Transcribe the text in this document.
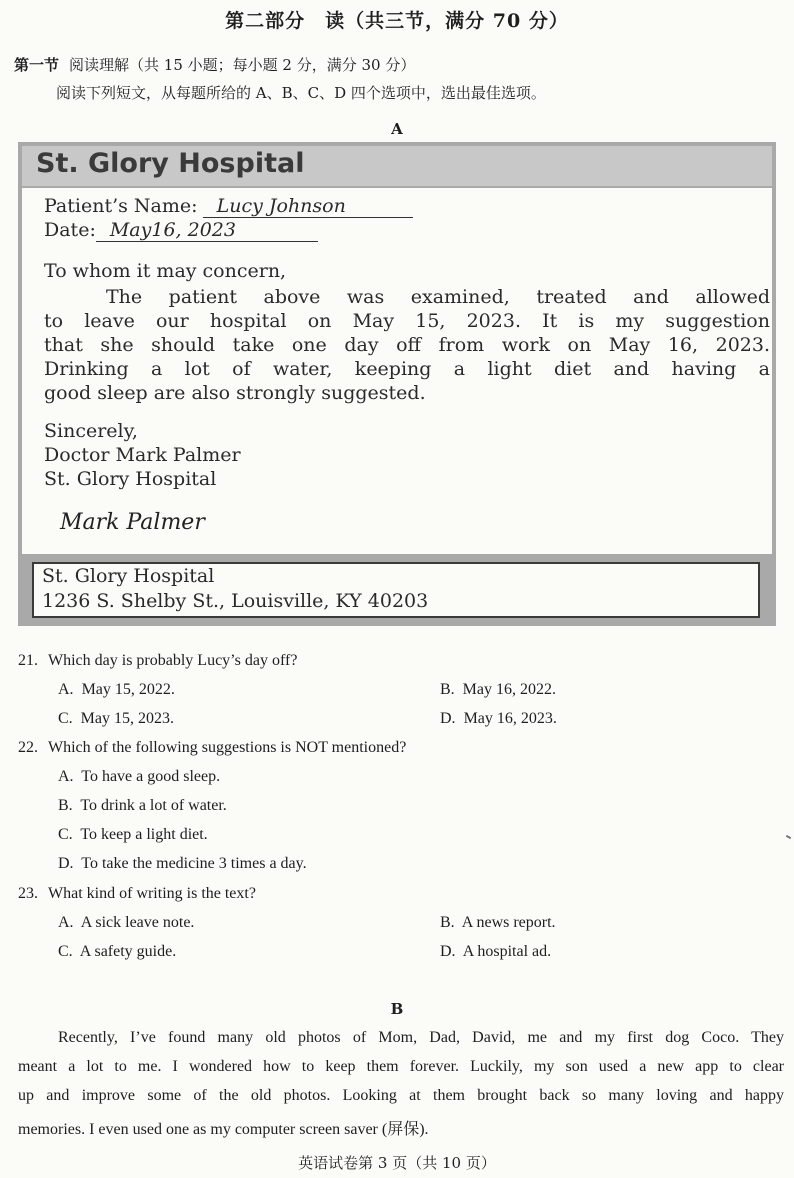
第二部分　读（共三节，满分 70 分）
第一节 阅读理解（共 15 小题；每小题 2 分，满分 30 分）
阅读下列短文，从每题所给的 A、B、C、D 四个选项中，选出最佳选项。
A
St. Glory Hospital
Patient’s Name: Lucy Johnson
Date: May16, 2023
To whom it may concern,
The patient above was examined, treated and allowed
to leave our hospital on May 15, 2023. It is my suggestion
that she should take one day off from work on May 16, 2023.
Drinking a lot of water, keeping a light diet and having a
good sleep are also strongly suggested.
Sincerely,
Doctor Mark Palmer
St. Glory Hospital
Mark Palmer
St. Glory Hospital
1236 S. Shelby St., Louisville, KY 40203
21. Which day is probably Lucy’s day off?
A. May 15, 2022.	B. May 16, 2022.
C. May 15, 2023.	D. May 16, 2023.
22. Which of the following suggestions is NOT mentioned?
A. To have a good sleep.
B. To drink a lot of water.
C. To keep a light diet.
D. To take the medicine 3 times a day.
23. What kind of writing is the text?
A. A sick leave note.	B. A news report.
C. A safety guide.	D. A hospital ad.
B
Recently, I’ve found many old photos of Mom, Dad, David, me and my first dog Coco. They
meant a lot to me. I wondered how to keep them forever. Luckily, my son used a new app to clear
up and improve some of the old photos. Looking at them brought back so many loving and happy
memories. I even used one as my computer screen saver (屏保).
英语试卷第 3 页（共 10 页）
